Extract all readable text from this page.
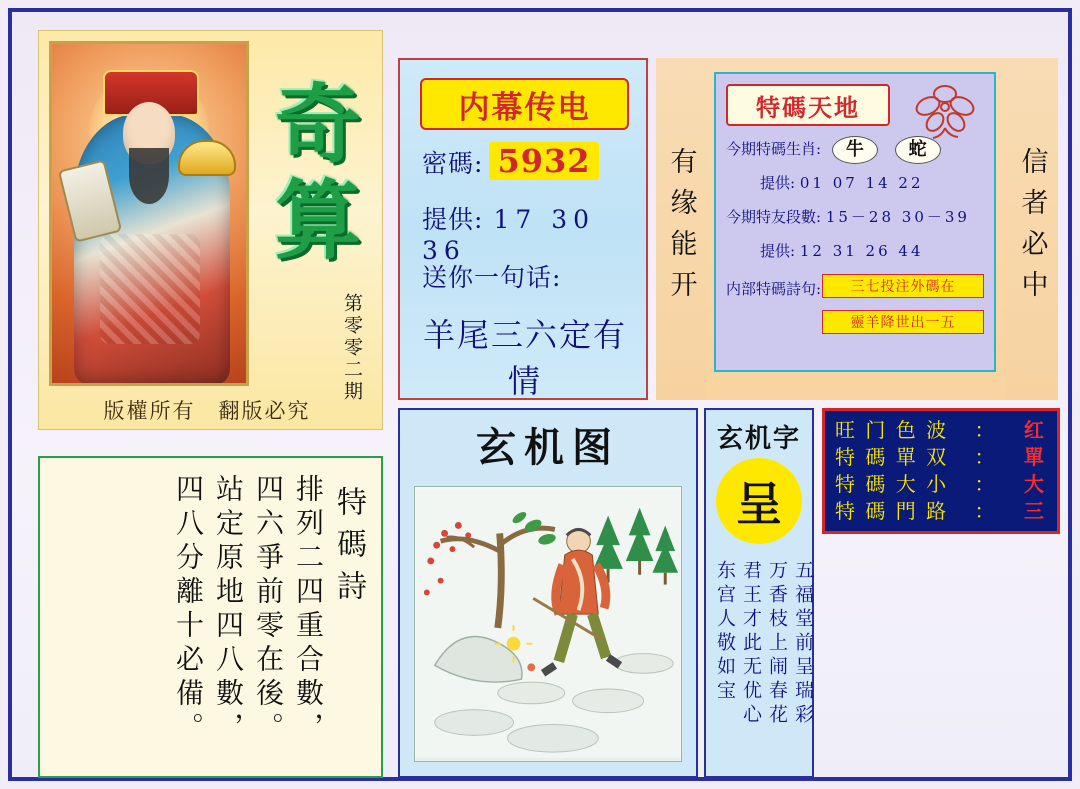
奇算
第零零二期
版權所有　翻版必究
特碼詩
排列二四重合數，
四六爭前零在後。
站定原地四八數，
四八分離十必備。
内幕传电
密碼: 5932
提供: 17 30 36
送你一句话:
羊尾三六定有情
有缘能开
特碼天地
今期特碼生肖: 牛 蛇
提供: 01 07 14 22
今期特友段數: 15－28 30－39
提供: 12 31 26 44
内部特碼詩句:	三七投注外碼在
靈羊降世出一五
信者必中
玄机图	玄机字
呈
五福堂前呈瑞彩
万香枝上闹春花
君王才此无优心
东宫人敬如宝
旺 门 色 波 ： 红
特 碼 單 双 ： 單
特 碼 大 小 ： 大
特 碼 門 路 ： 三
